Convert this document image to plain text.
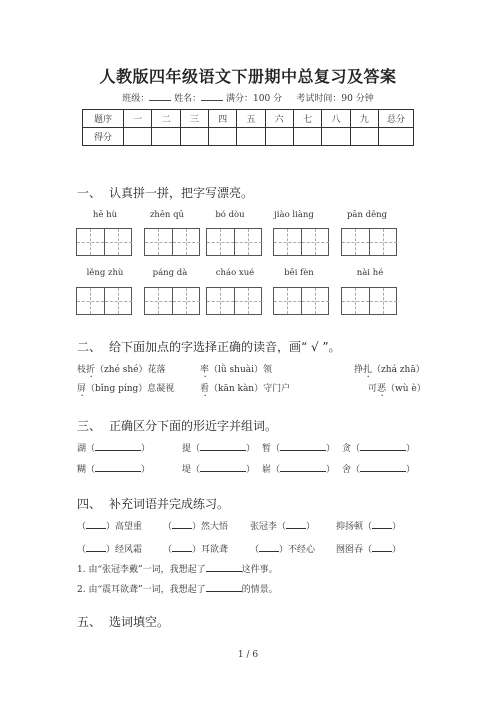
人教版四年级语文下册期中总复习及答案
班级：	姓名：	满分：100 分 考试时间：90 分钟
题序	一	二	三	四	五	六	七	八	九	总分
得分										
一、 认真拼一拼，把字写漂亮。
hē hù	zhēn qū	bó dòu	jiào liàng	pān dēng
lěng zhù	páng dà	cháo xué	bēi fèn	nài hé
二、 给下面加点的字选择正确的读音，画“ √ ”。
枝折（zhé shé）花落	率（lǜ shuài）领	挣扎（zhá zhā）
屏（bǐng píng）息凝视	看（kān kàn）守门户	可恶（wù è）
三、 正确区分下面的形近字并组词。
湖（	）	提（	） 暂（	） 贪（	）
糊（	）	堤（	） 崭（	） 舍（	）
四、 补充词语并完成练习。
（ ）高望重 （ ）然大悟 张冠李（ ） 抑扬顿（ ）
（ ）经风霜 （ ）耳欲聋 （ ）不经心 囫囵吞（ ）
1. 由“张冠李戴”一词，我想起了	这件事。
2. 由“震耳欲聋”一词，我想起了	的情景。
五、 选词填空。
1 / 6
